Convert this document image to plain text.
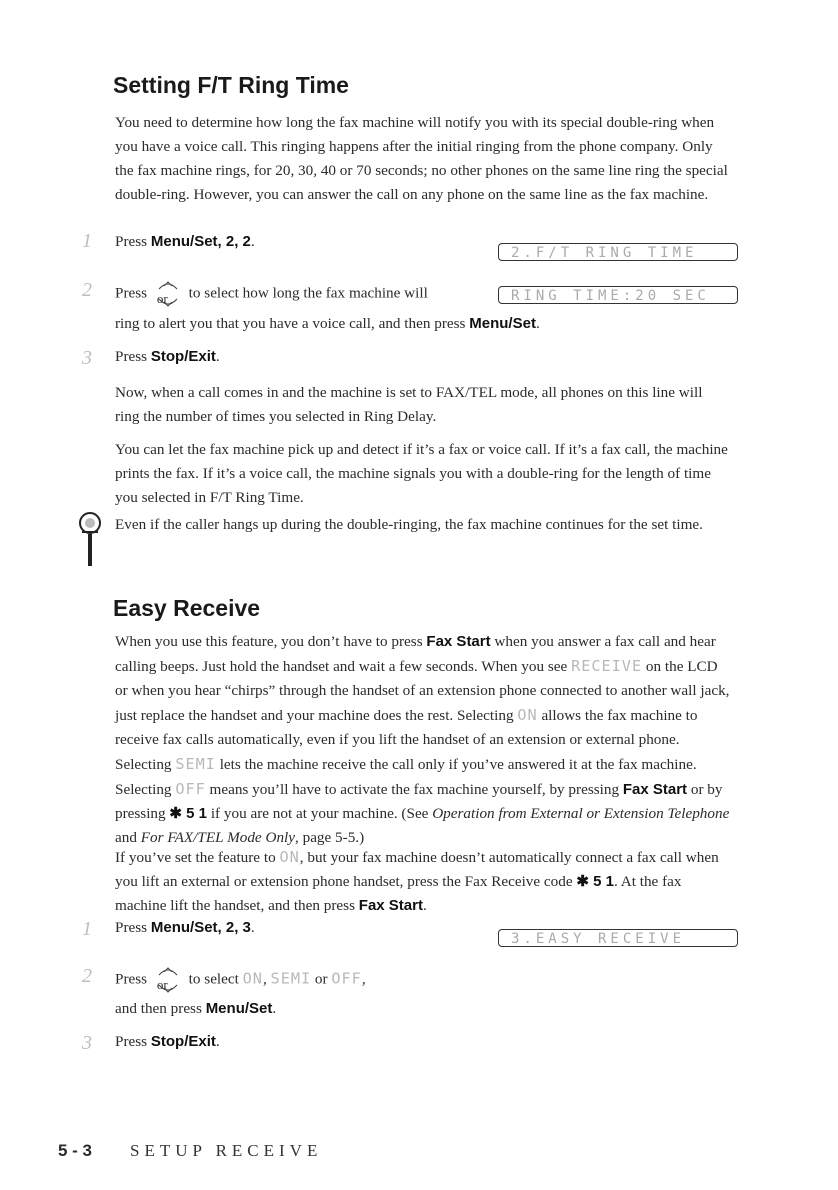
Setting F/T Ring Time

You need to determine how long the fax machine will notify you with its special double-ring when you have a voice call. This ringing happens after the initial ringing from the phone company. Only the fax machine rings, for 20, 30, 40 or 70 seconds; no other phones on the same line ring the special double-ring. However, you can answer the call on any phone on the same line as the fax machine.

1 Press Menu/Set, 2, 2.
2.F/T RING TIME
2 Press or to select how long the fax machine will	RING TIME:20 SEC
ring to alert you that you have a voice call, and then press Menu/Set.
3 Press Stop/Exit.

Now, when a call comes in and the machine is set to FAX/TEL mode, all phones on this line will ring the number of times you selected in Ring Delay.

You can let the fax machine pick up and detect if it’s a fax or voice call. If it’s a fax call, the machine prints the fax. If it’s a voice call, the machine signals you with a double-ring for the length of time you selected in F/T Ring Time.

Even if the caller hangs up during the double-ringing, the fax machine continues for the set time.

Easy Receive

When you use this feature, you don’t have to press Fax Start when you answer a fax call and hear calling beeps. Just hold the handset and wait a few seconds. When you see RECEIVE on the LCD or when you hear “chirps” through the handset of an extension phone connected to another wall jack, just replace the handset and your machine does the rest. Selecting ON allows the fax machine to receive fax calls automatically, even if you lift the handset of an extension or external phone. Selecting SEMI lets the machine receive the call only if you’ve answered it at the fax machine. Selecting OFF means you’ll have to activate the fax machine yourself, by pressing Fax Start or by pressing ✱ 5 1 if you are not at your machine. (See Operation from External or Extension Telephone and For FAX/TEL Mode Only, page 5-5.)

If you’ve set the feature to ON, but your fax machine doesn’t automatically connect a fax call when you lift an external or extension phone handset, press the Fax Receive code ✱ 5 1. At the fax machine lift the handset, and then press Fax Start.

1 Press Menu/Set, 2, 3.
3.EASY RECEIVE
2 Press or to select ON, SEMI or OFF,
and then press Menu/Set.
3 Press Stop/Exit.
5 - 3 SETUP RECEIVE
